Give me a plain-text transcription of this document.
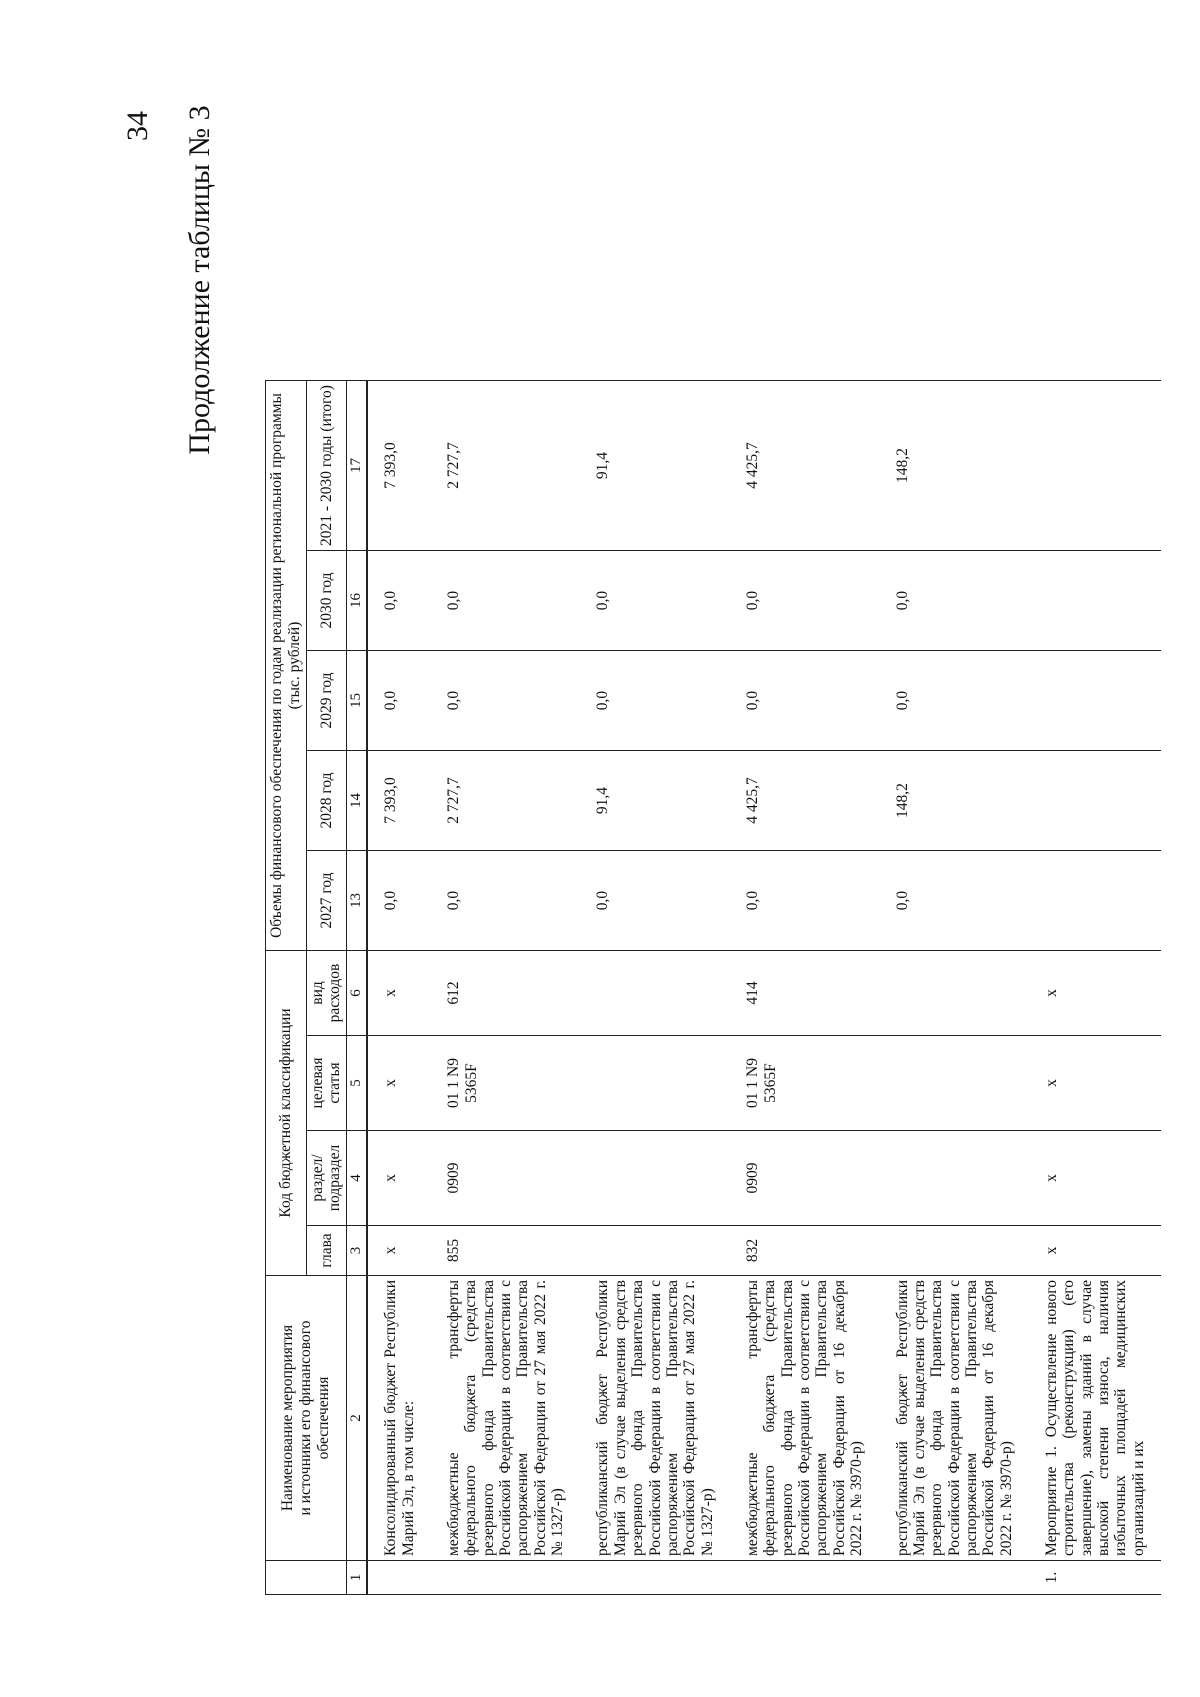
34 Продолжение таблицы № 3
	Наименование мероприятия
и источники его финансового обеспечения	Код бюджетной классификации				Объемы финансового обеспечения по годам реализации региональной программы (тыс. рублей)				
		глава	раздел/ подраздел	целевая статья	вид расходов	2027 год	2028 год	2029 год	2030 год	2021 - 2030 годы (итого)
1	2	3	4	5	6	13	14	15	16	17
	Консолидированный бюджет Республики Марий Эл, в том числе:	x	x	x	x	0,0	7 393,0	0,0	0,0	7 393,0
	межбюджетные трансферты федерального бюджета (средства резервного фонда Правительства Российской Федерации в соответствии с распоряжением Правительства Российской Федерации от 27 мая 2022 г. № 1327-р)	855	0909	01 1 N9 5365F	612	0,0	2 727,7	0,0	0,0	2 727,7
	республиканский бюджет Республики Марий Эл (в случае выделения средств резервного фонда Правительства Российской Федерации в соответствии с распоряжением Правительства Российской Федерации от 27 мая 2022 г. № 1327-р)					0,0	91,4	0,0	0,0	91,4
	межбюджетные трансферты федерального бюджета (средства резервного фонда Правительства Российской Федерации в соответствии с распоряжением Правительства Российской Федерации от 16 декабря 2022 г. № 3970-р)	832	0909	01 1 N9 5365F	414	0,0	4 425,7	0,0	0,0	4 425,7
	республиканский бюджет Республики Марий Эл (в случае выделения средств резервного фонда Правительства Российской Федерации в соответствии с распоряжением Правительства Российской Федерации от 16 декабря 2022 г. № 3970-р)					0,0	148,2	0,0	0,0	148,2
1.	Мероприятие 1. Осуществление нового строительства (реконструкции) (его завершение), замены зданий в случае высокой степени износа, наличия избыточных площадей медицинских организаций и их	x	x	x	x					
